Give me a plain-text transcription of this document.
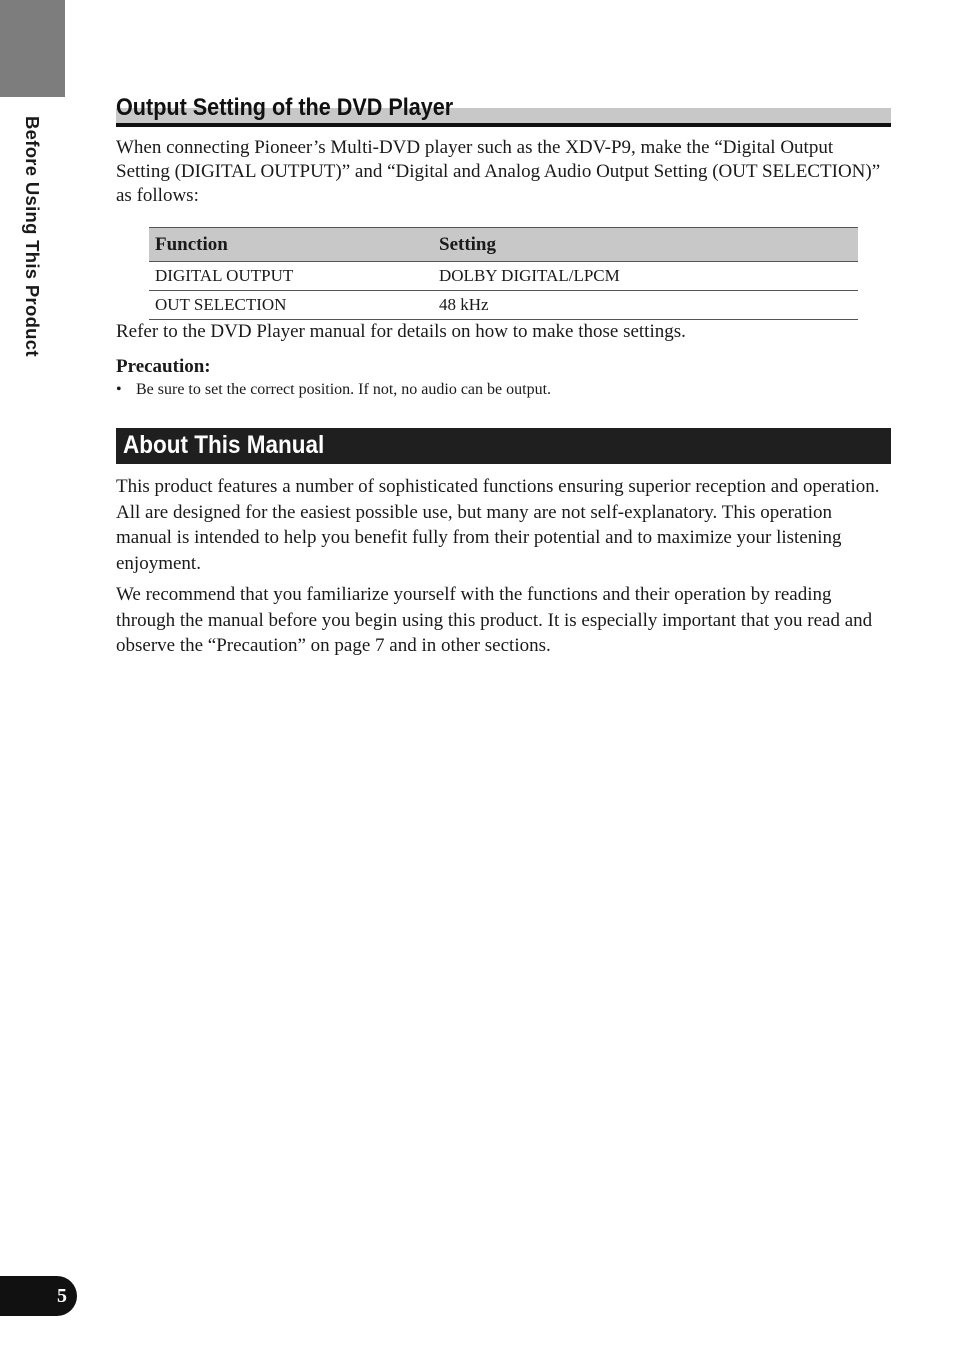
Before Using This Product
Output Setting of the DVD Player

When connecting Pioneer’s Multi-DVD player such as the XDV-P9, make the “Digital Output Setting (DIGITAL OUTPUT)” and “Digital and Analog Audio Output Setting (OUT SELECTION)” as follows:

Function	Setting
DIGITAL OUTPUT	DOLBY DIGITAL/LPCM
OUT SELECTION	48 kHz

Refer to the DVD Player manual for details on how to make those settings.

Precaution:
• Be sure to set the correct position. If not, no audio can be output.
About This Manual

This product features a number of sophisticated functions ensuring superior reception and operation. All are designed for the easiest possible use, but many are not self-explanatory. This operation manual is intended to help you benefit fully from their potential and to maximize your listening enjoyment.

We recommend that you familiarize yourself with the functions and their operation by reading through the manual before you begin using this product. It is especially important that you read and observe the “Precaution” on page 7 and in other sections.

5
